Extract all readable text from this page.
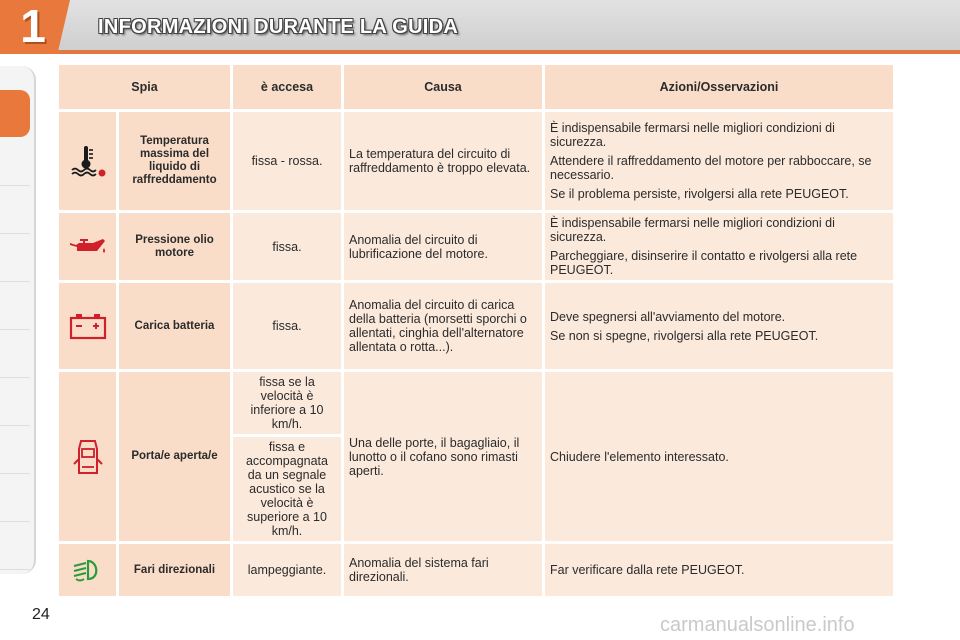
1	INFORMAZIONI DURANTE LA GUIDA
Spia		è accesa	Causa	Azioni/Osservazioni

	Temperatura massima del liquido di raffreddamento	fissa - rossa.	La temperatura del circuito di raffreddamento è troppo elevata.	È indispensabile fermarsi nelle migliori condizioni di sicurezza.

Attendere il raffreddamento del motore per rabboccare, se necessario.

Se il problema persiste, rivolgersi alla rete PEUGEOT.

	Pressione olio motore	fissa.	Anomalia del circuito di lubrificazione del motore.	È indispensabile fermarsi nelle migliori condizioni di sicurezza.

Parcheggiare, disinserire il contatto e rivolgersi alla rete PEUGEOT.

	Carica batteria	fissa.	Anomalia del circuito di carica della batteria (morsetti sporchi o allentati, cinghia dell'alternatore allentata o rotta...).	Deve spegnersi all'avviamento del motore.

Se non si spegne, rivolgersi alla rete PEUGEOT.

	Porta/e aperta/e	fissa se la velocità è inferiore a 10 km/h.	Una delle porte, il bagagliaio, il lunotto o il cofano sono rimasti aperti.	Chiudere l'elemento interessato.

		fissa e accompagnata da un segnale acustico se la velocità è superiore a 10 km/h.		

	Fari direzionali	lampeggiante.	Anomalia del sistema fari direzionali.	Far verificare dalla rete PEUGEOT.

24	carmanualsonline.info
